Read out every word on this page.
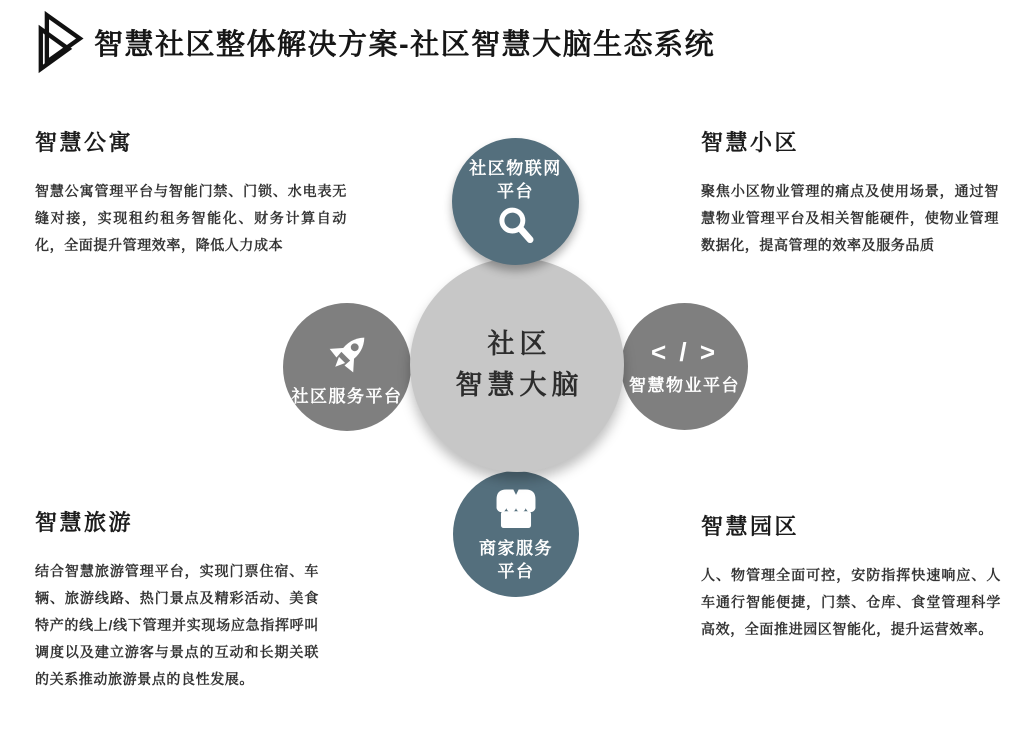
智慧社区整体解决方案-社区智慧大脑生态系统
智慧公寓

智慧公寓管理平台与智能门禁、门锁、水电表无缝对接，实现租约租务智能化、财务计算自动化，全面提升管理效率，降低人力成本

智慧小区

聚焦小区物业管理的痛点及使用场景，通过智慧物业管理平台及相关智能硬件，使物业管理数据化，提高管理的效率及服务品质

智慧旅游

结合智慧旅游管理平台，实现门票住宿、车辆、旅游线路、热门景点及精彩活动、美食特产的线上/线下管理并实现场应急指挥呼叫调度以及建立游客与景点的互动和长期关联的关系推动旅游景点的良性发展。

智慧园区

人、物管理全面可控，安防指挥快速响应、人车通行智能便捷，门禁、仓库、食堂管理科学高效，全面推进园区智能化，提升运营效率。

社区服务平台
< / >
智慧物业平台
商家服务
平台
社区
智慧大脑
社区物联网
平台
